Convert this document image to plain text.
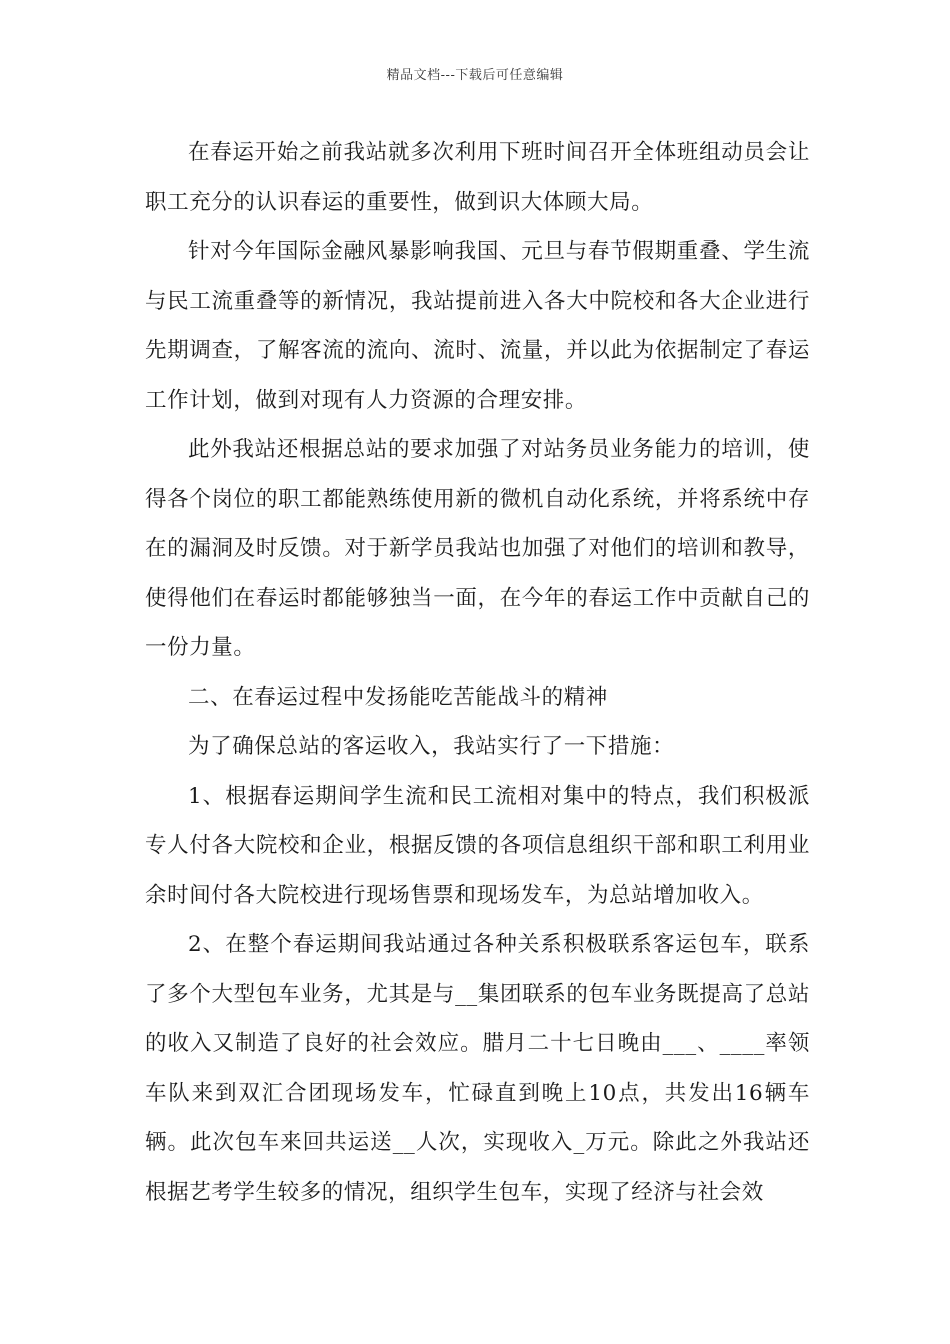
精品文档---下载后可任意编辑

在春运开始之前我站就多次利用下班时间召开全体班组动员会让职工充分的认识春运的重要性，做到识大体顾大局。

针对今年国际金融风暴影响我国、元旦与春节假期重叠、学生流与民工流重叠等的新情况，我站提前进入各大中院校和各大企业进行先期调查，了解客流的流向、流时、流量，并以此为依据制定了春运工作计划，做到对现有人力资源的合理安排。

此外我站还根据总站的要求加强了对站务员业务能力的培训，使得各个岗位的职工都能熟练使用新的微机自动化系统，并将系统中存在的漏洞及时反馈。对于新学员我站也加强了对他们的培训和教导，使得他们在春运时都能够独当一面，在今年的春运工作中贡献自己的一份力量。

二、在春运过程中发扬能吃苦能战斗的精神

为了确保总站的客运收入，我站实行了一下措施：

1、根据春运期间学生流和民工流相对集中的特点，我们积极派专人付各大院校和企业，根据反馈的各项信息组织干部和职工利用业余时间付各大院校进行现场售票和现场发车，为总站增加收入。

2、在整个春运期间我站通过各种关系积极联系客运包车，联系了多个大型包车业务，尤其是与__集团联系的包车业务既提高了总站的收入又制造了良好的社会效应。腊月二十七日晚由___、____率领车队来到双汇合团现场发车，忙碌直到晚上10点，共发出16辆车辆。此次包车来回共运送__人次，实现收入_万元。除此之外我站还根据艺考学生较多的情况，组织学生包车，实现了经济与社会效
